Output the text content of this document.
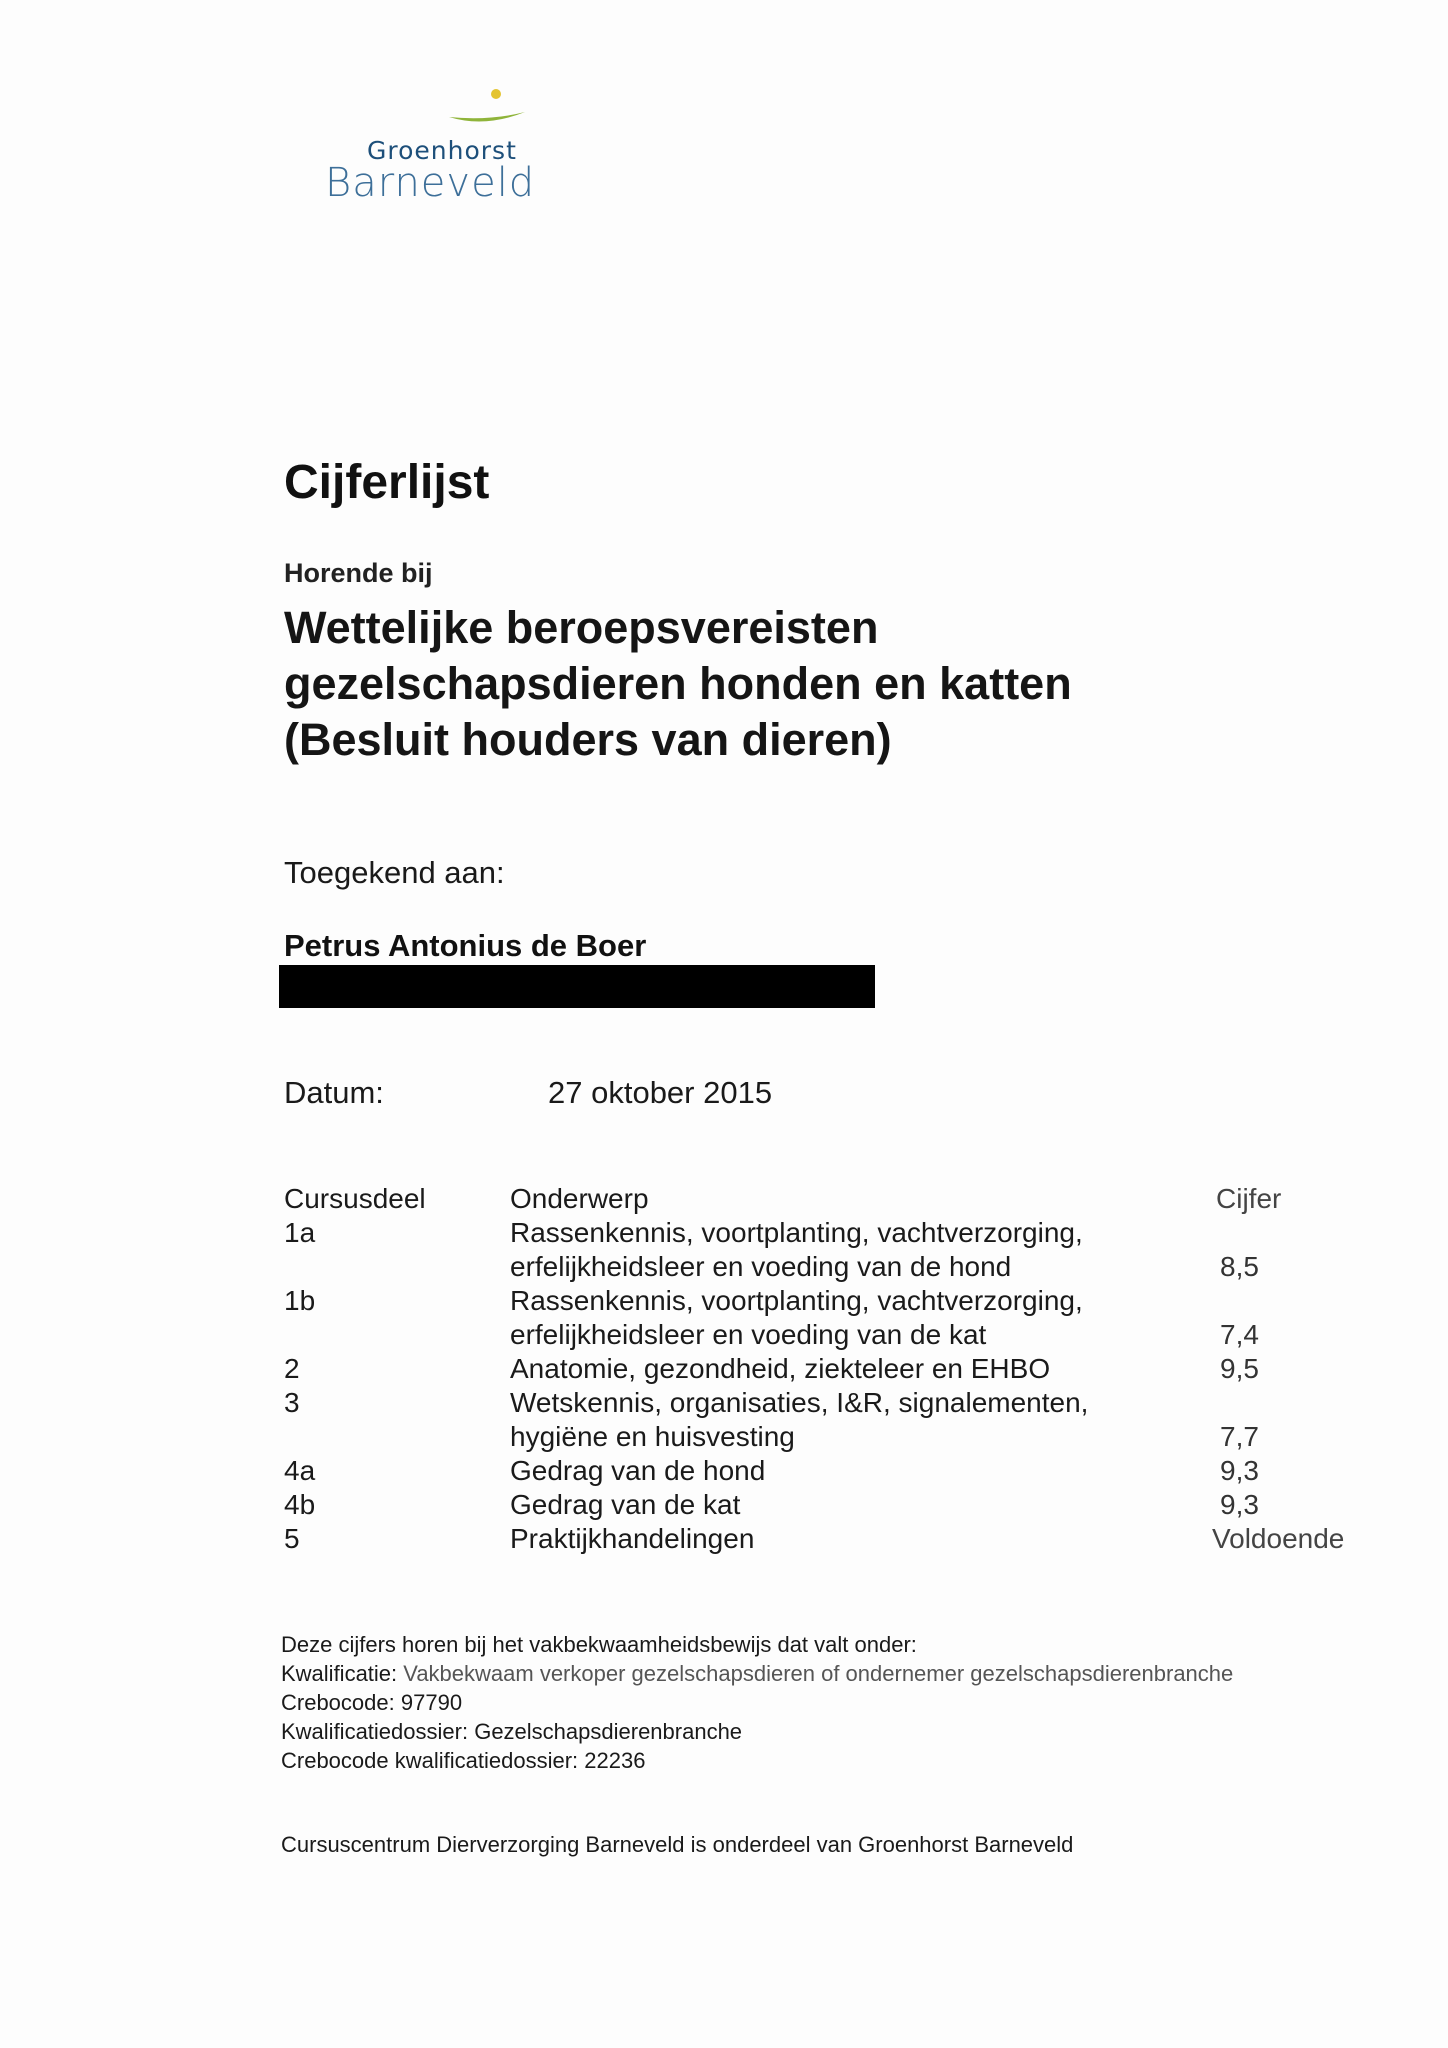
Groenhorst
Barneveld
Cijferlijst
Horende bij
Wettelijke beroepsvereisten
gezelschapsdieren honden en katten
(Besluit houders van dieren)
Toegekend aan:
Petrus Antonius de Boer
Datum:	27 oktober 2015
Cursusdeel	Onderwerp	Cijfer
1a	Rassenkennis, voortplanting, vachtverzorging,
erfelijkheidsleer en voeding van de hond	8,5
1b	Rassenkennis, voortplanting, vachtverzorging,
erfelijkheidsleer en voeding van de kat	7,4
2	Anatomie, gezondheid, ziekteleer en EHBO	9,5
3	Wetskennis, organisaties, I&R, signalementen,
hygiëne en huisvesting	7,7
4a	Gedrag van de hond	9,3
4b	Gedrag van de kat	9,3
5	Praktijkhandelingen	Voldoende
Deze cijfers horen bij het vakbekwaamheidsbewijs dat valt onder:
Kwalificatie: Vakbekwaam verkoper gezelschapsdieren of ondernemer gezelschapsdierenbranche
Crebocode: 97790
Kwalificatiedossier: Gezelschapsdierenbranche
Crebocode kwalificatiedossier: 22236
Cursuscentrum Dierverzorging Barneveld is onderdeel van Groenhorst Barneveld
